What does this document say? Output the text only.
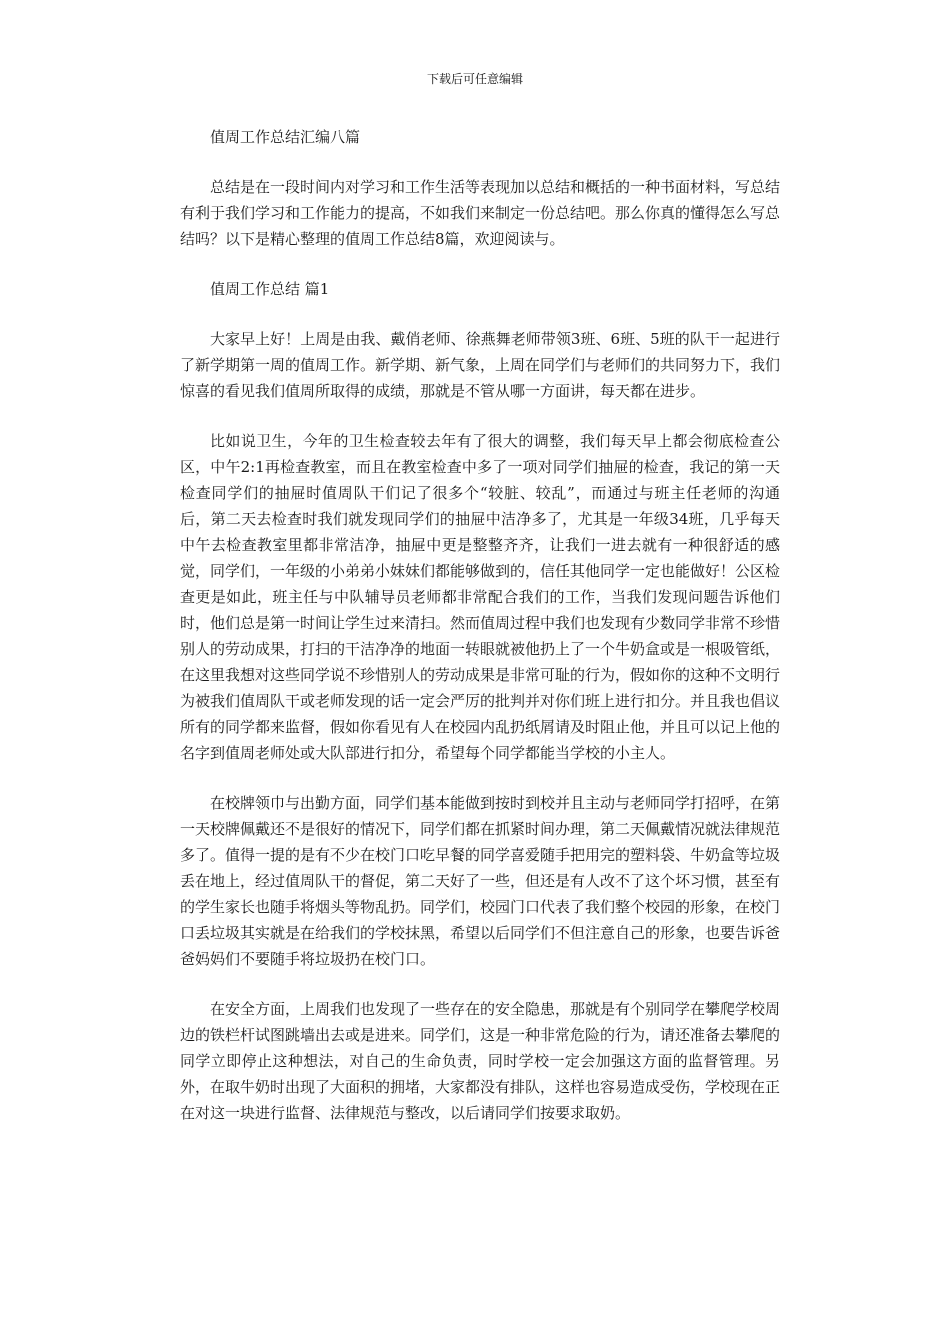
下载后可任意编辑

值周工作总结汇编八篇

总结是在一段时间内对学习和工作生活等表现加以总结和概括的一种书面材料，写总结有利于我们学习和工作能力的提高，不如我们来制定一份总结吧。那么你真的懂得怎么写总结吗？以下是精心整理的值周工作总结8篇，欢迎阅读与。

值周工作总结 篇1

大家早上好！上周是由我、戴俏老师、徐燕舞老师带领3班、6班、5班的队干一起进行了新学期第一周的值周工作。新学期、新气象，上周在同学们与老师们的共同努力下，我们惊喜的看见我们值周所取得的成绩，那就是不管从哪一方面讲，每天都在进步。

比如说卫生，今年的卫生检查较去年有了很大的调整，我们每天早上都会彻底检查公区，中午2:1再检查教室，而且在教室检查中多了一项对同学们抽屉的检查，我记的第一天检查同学们的抽屉时值周队干们记了很多个“较脏、较乱”，而通过与班主任老师的沟通后，第二天去检查时我们就发现同学们的抽屉中洁净多了，尤其是一年级34班，几乎每天中午去检查教室里都非常洁净，抽屉中更是整整齐齐，让我们一进去就有一种很舒适的感觉，同学们，一年级的小弟弟小妹妹们都能够做到的，信任其他同学一定也能做好！公区检查更是如此，班主任与中队辅导员老师都非常配合我们的工作，当我们发现问题告诉他们时，他们总是第一时间让学生过来清扫。然而值周过程中我们也发现有少数同学非常不珍惜别人的劳动成果，打扫的干洁净净的地面一转眼就被他扔上了一个牛奶盒或是一根吸管纸，在这里我想对这些同学说不珍惜别人的劳动成果是非常可耻的行为，假如你的这种不文明行为被我们值周队干或老师发现的话一定会严厉的批判并对你们班上进行扣分。并且我也倡议所有的同学都来监督，假如你看见有人在校园内乱扔纸屑请及时阻止他，并且可以记上他的名字到值周老师处或大队部进行扣分，希望每个同学都能当学校的小主人。

在校牌领巾与出勤方面，同学们基本能做到按时到校并且主动与老师同学打招呼，在第一天校牌佩戴还不是很好的情况下，同学们都在抓紧时间办理，第二天佩戴情况就法律规范多了。值得一提的是有不少在校门口吃早餐的同学喜爱随手把用完的塑料袋、牛奶盒等垃圾丢在地上，经过值周队干的督促，第二天好了一些，但还是有人改不了这个坏习惯，甚至有的学生家长也随手将烟头等物乱扔。同学们，校园门口代表了我们整个校园的形象，在校门口丢垃圾其实就是在给我们的学校抹黑，希望以后同学们不但注意自己的形象，也要告诉爸爸妈妈们不要随手将垃圾扔在校门口。

在安全方面，上周我们也发现了一些存在的安全隐患，那就是有个别同学在攀爬学校周边的铁栏杆试图跳墙出去或是进来。同学们，这是一种非常危险的行为，请还准备去攀爬的同学立即停止这种想法，对自己的生命负责，同时学校一定会加强这方面的监督管理。另外，在取牛奶时出现了大面积的拥堵，大家都没有排队，这样也容易造成受伤，学校现在正在对这一块进行监督、法律规范与整改，以后请同学们按要求取奶。
